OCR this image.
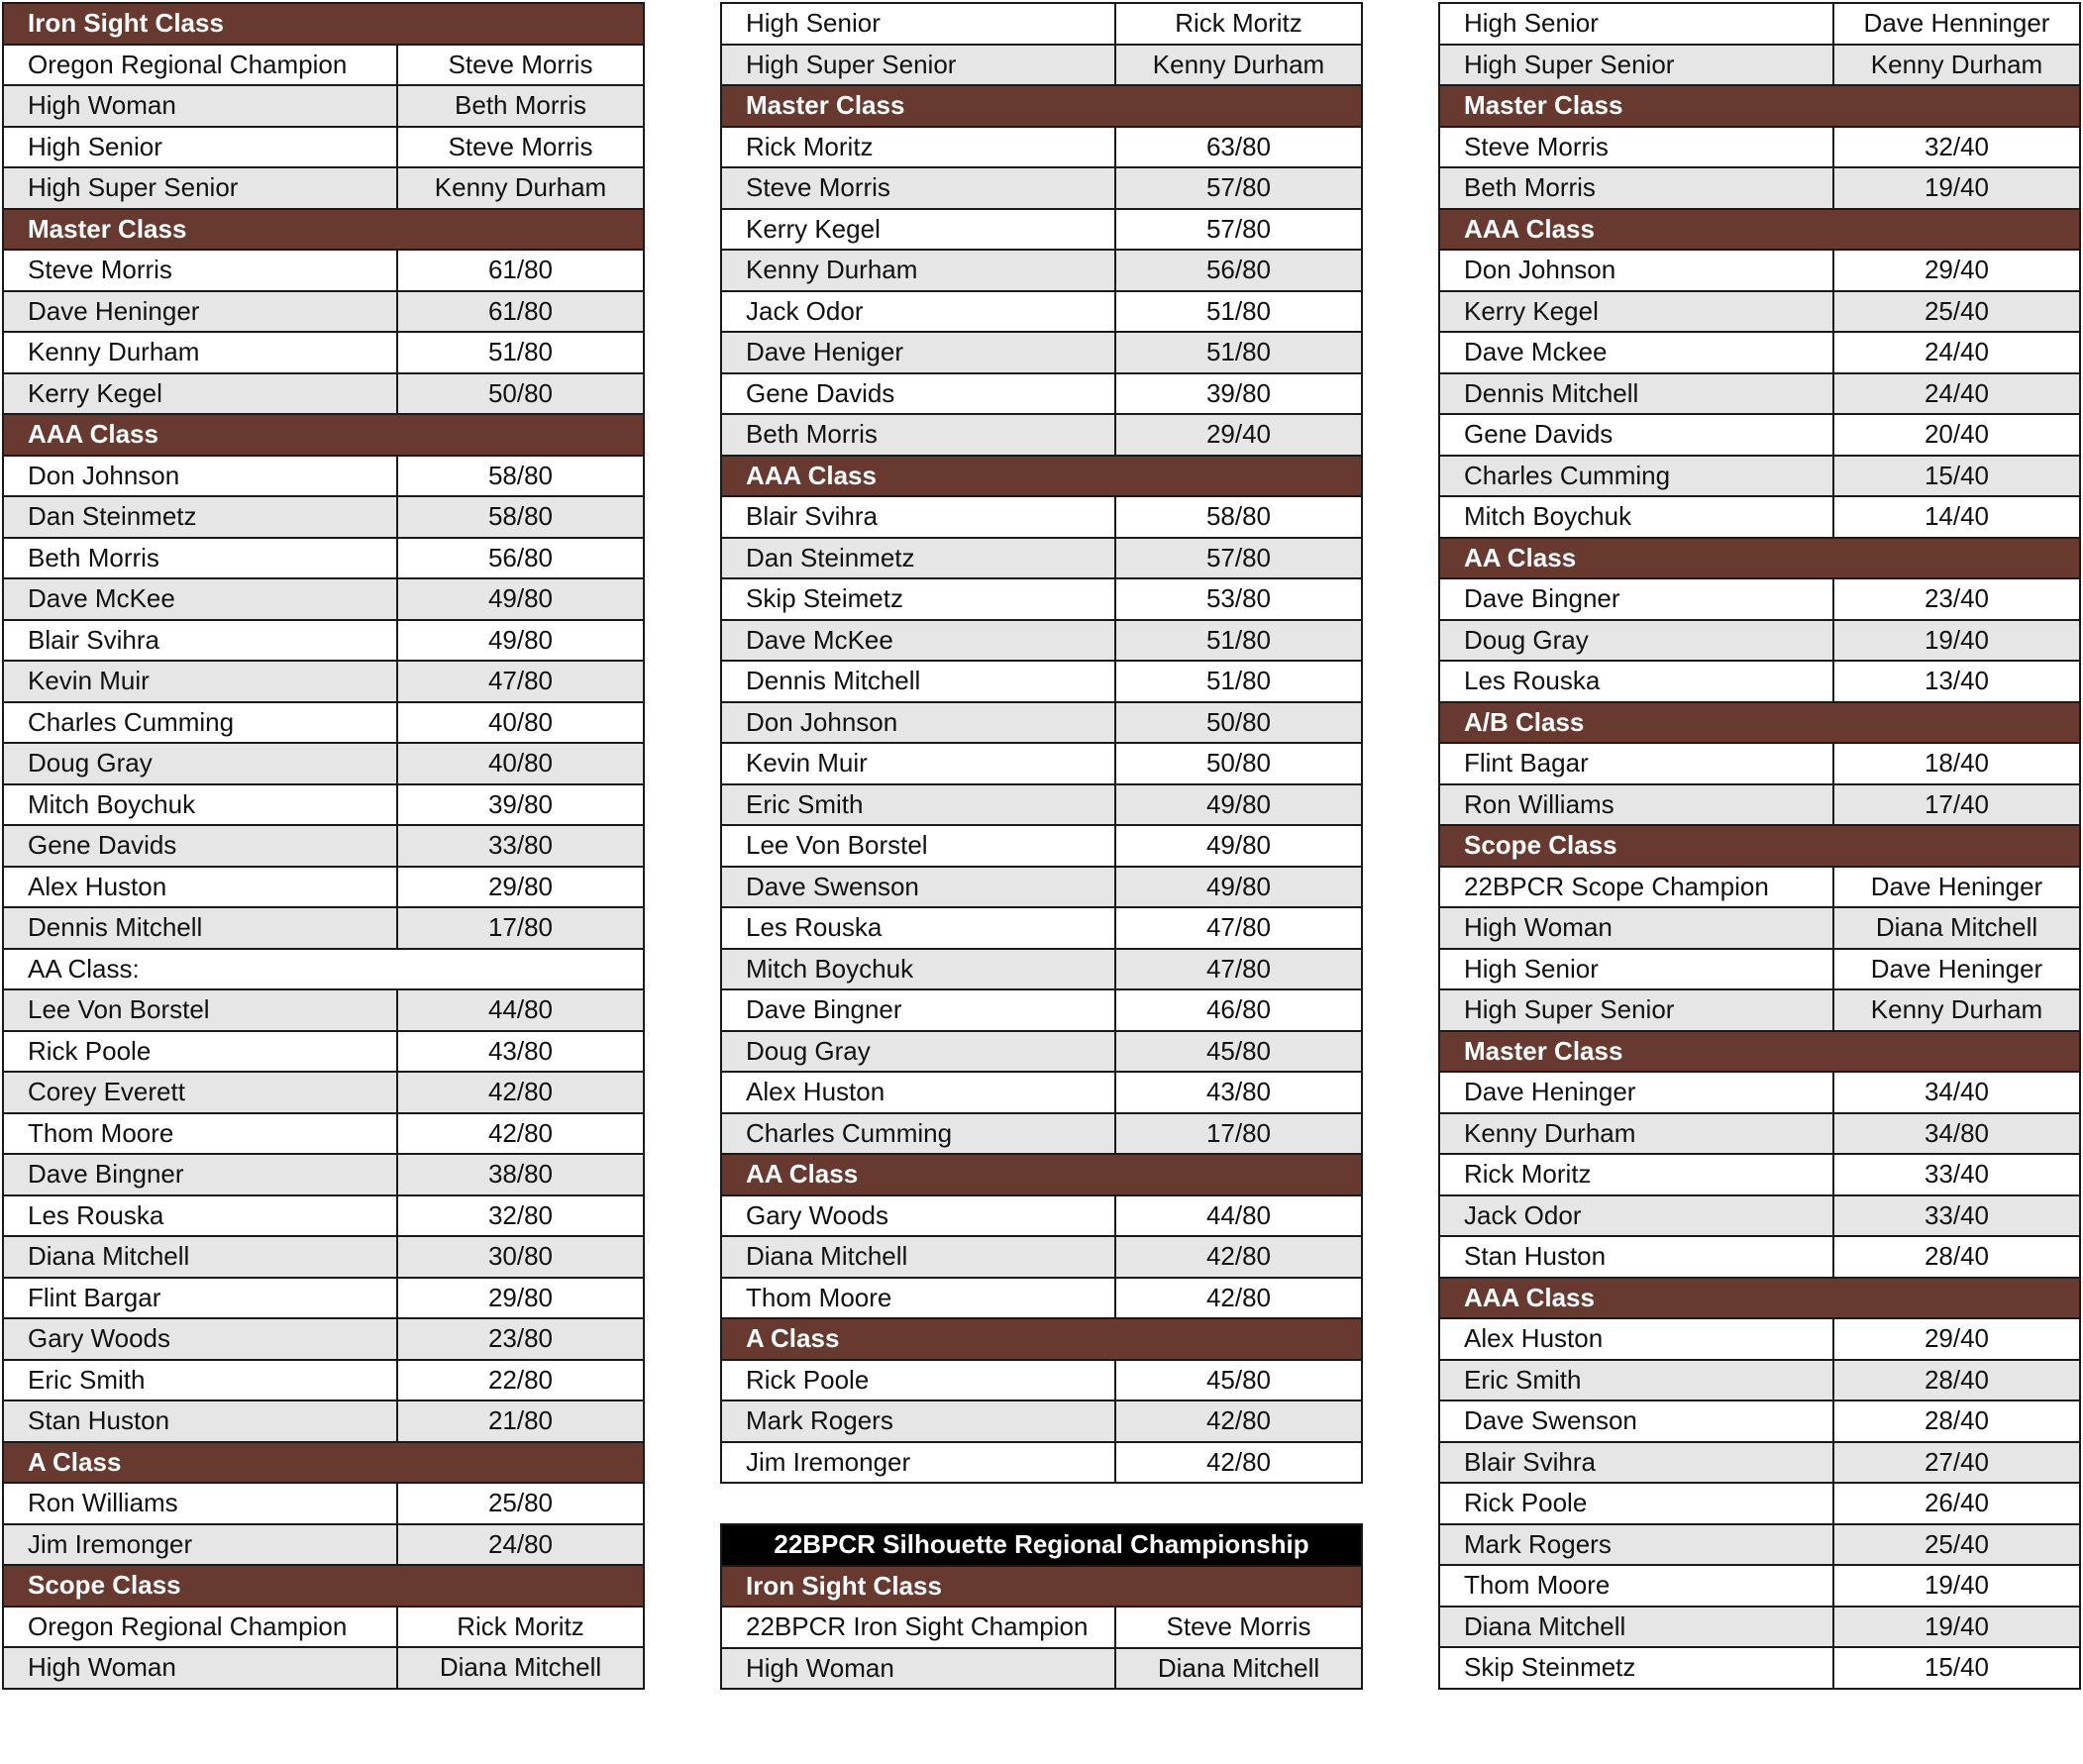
Iron Sight Class
Oregon Regional Champion	Steve Morris
High Woman	Beth Morris
High Senior	Steve Morris
High Super Senior	Kenny Durham
Master Class
Steve Morris	61/80
Dave Heninger	61/80
Kenny Durham	51/80
Kerry Kegel	50/80
AAA Class
Don Johnson	58/80
Dan Steinmetz	58/80
Beth Morris	56/80
Dave McKee	49/80
Blair Svihra	49/80
Kevin Muir	47/80
Charles Cumming	40/80
Doug Gray	40/80
Mitch Boychuk	39/80
Gene Davids	33/80
Alex Huston	29/80
Dennis Mitchell	17/80
AA Class:
Lee Von Borstel	44/80
Rick Poole	43/80
Corey Everett	42/80
Thom Moore	42/80
Dave Bingner	38/80
Les Rouska	32/80
Diana Mitchell	30/80
Flint Bargar	29/80
Gary Woods	23/80
Eric Smith	22/80
Stan Huston	21/80
A Class
Ron Williams	25/80
Jim Iremonger	24/80
Scope Class
Oregon Regional Champion	Rick Moritz
High Woman	Diana Mitchell
High Senior	Rick Moritz
High Super Senior	Kenny Durham
Master Class
Rick Moritz	63/80
Steve Morris	57/80
Kerry Kegel	57/80
Kenny Durham	56/80
Jack Odor	51/80
Dave Heniger	51/80
Gene Davids	39/80
Beth Morris	29/40
AAA Class
Blair Svihra	58/80
Dan Steinmetz	57/80
Skip Steimetz	53/80
Dave McKee	51/80
Dennis Mitchell	51/80
Don Johnson	50/80
Kevin Muir	50/80
Eric Smith	49/80
Lee Von Borstel	49/80
Dave Swenson	49/80
Les Rouska	47/80
Mitch Boychuk	47/80
Dave Bingner	46/80
Doug Gray	45/80
Alex Huston	43/80
Charles Cumming	17/80
AA Class
Gary Woods	44/80
Diana Mitchell	42/80
Thom Moore	42/80
A Class
Rick Poole	45/80
Mark Rogers	42/80
Jim Iremonger	42/80
22BPCR Silhouette Regional Championship
Iron Sight Class
22BPCR Iron Sight Champion	Steve Morris
High Woman	Diana Mitchell
High Senior	Dave Henninger
High Super Senior	Kenny Durham
Master Class
Steve Morris	32/40
Beth Morris	19/40
AAA Class
Don Johnson	29/40
Kerry Kegel	25/40
Dave Mckee	24/40
Dennis Mitchell	24/40
Gene Davids	20/40
Charles Cumming	15/40
Mitch Boychuk	14/40
AA Class
Dave Bingner	23/40
Doug Gray	19/40
Les Rouska	13/40
A/B Class
Flint Bagar	18/40
Ron Williams	17/40
Scope Class
22BPCR Scope Champion	Dave Heninger
High Woman	Diana Mitchell
High Senior	Dave Heninger
High Super Senior	Kenny Durham
Master Class
Dave Heninger	34/40
Kenny Durham	34/80
Rick Moritz	33/40
Jack Odor	33/40
Stan Huston	28/40
AAA Class
Alex Huston	29/40
Eric Smith	28/40
Dave Swenson	28/40
Blair Svihra	27/40
Rick Poole	26/40
Mark Rogers	25/40
Thom Moore	19/40
Diana Mitchell	19/40
Skip Steinmetz	15/40
